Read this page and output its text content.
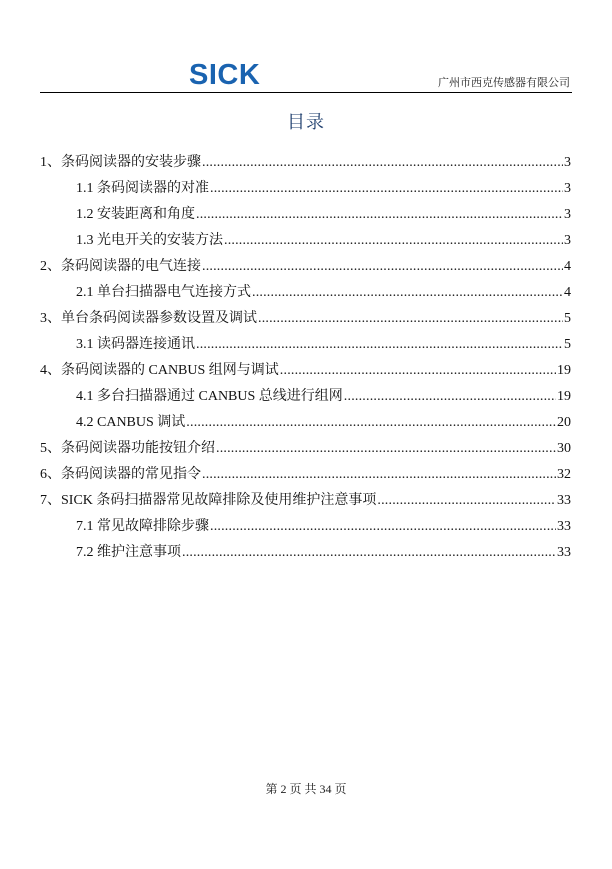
SICK	广州市西克传感器有限公司
目录
1、条码阅读器的安装步骤 .....	3
1.1 条码阅读器的对准 .....	3
1.2 安装距离和角度 .....	3
1.3 光电开关的安装方法 .....	3
2、条码阅读器的电气连接 .....	4
2.1 单台扫描器电气连接方式 .....	4
3、单台条码阅读器参数设置及调试 .....	5
3.1 读码器连接通讯 .....	5
4、条码阅读器的 CANBUS 组网与调试 .....	19
4.1 多台扫描器通过 CANBUS 总线进行组网 .....	19
4.2 CANBUS 调试 .....	20
5、条码阅读器功能按钮介绍 .....	30
6、条码阅读器的常见指令 .....	32
7、SICK 条码扫描器常见故障排除及使用维护注意事项 .....	33
7.1 常见故障排除步骤 .....	33
7.2 维护注意事项 .....	33
第 2 页 共 34 页
